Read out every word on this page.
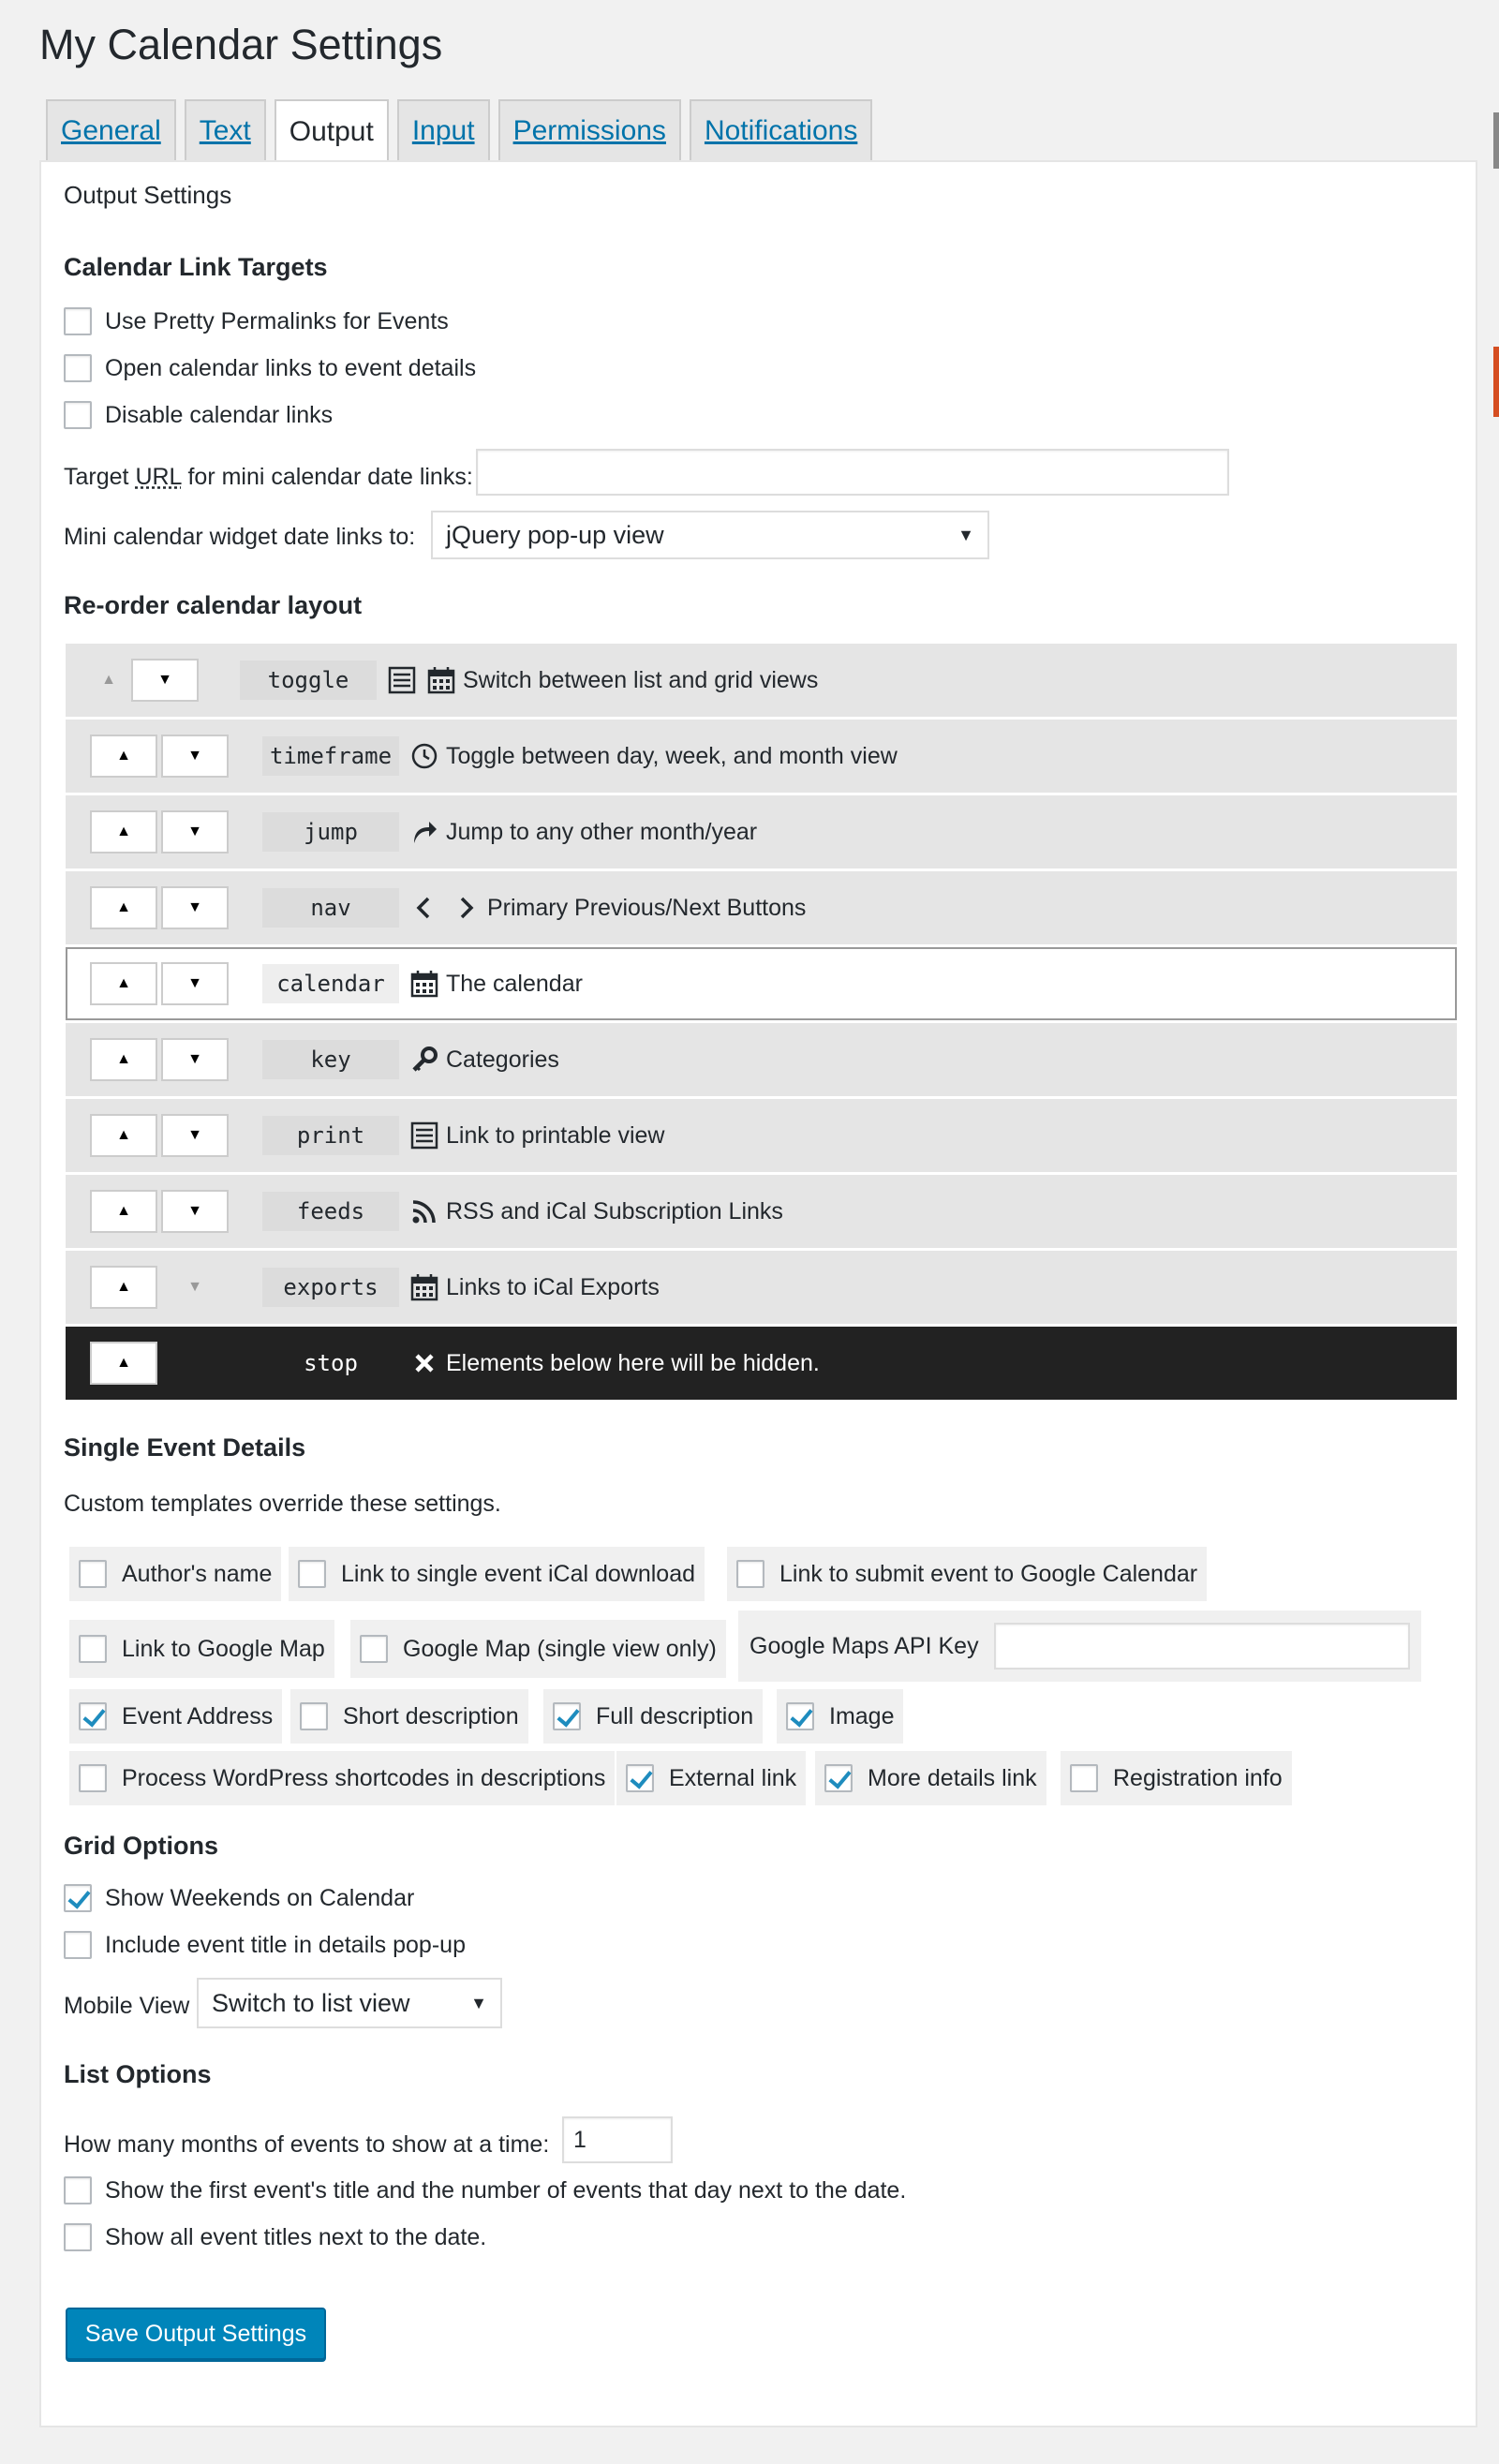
My Calendar Settings
General	Text	Output	Input	Permissions	Notifications
Output Settings
Calendar Link Targets
Use Pretty Permalinks for Events
Open calendar links to event details
Disable calendar links
Target URL for mini calendar date links:
Mini calendar widget date links to: jQuery pop-up view	▼
Re-order calendar layout
▲	▼	toggle	Switch between list and grid views
▲	▼	timeframe	Toggle between day, week, and month view
▲	▼	jump	Jump to any other month/year
▲	▼	nav	Primary Previous/Next Buttons
▲	▼	calendar	The calendar
▲	▼	key	Categories
▲	▼	print	Link to printable view
▲	▼	feeds	RSS and iCal Subscription Links
▲	▼	exports	Links to iCal Exports
▲	stop	Elements below here will be hidden.
Single Event Details
Custom templates override these settings.
Author's name	Link to single event iCal download	Link to submit event to Google Calendar
Link to Google Map	Google Map (single view only) Google Maps API Key
Event Address	Short description	Full description	Image
Process WordPress shortcodes in descriptions	External link	More details link	Registration info
Grid Options
Show Weekends on Calendar
Include event title in details pop-up
Mobile View Switch to list view	▼
List Options
How many months of events to show at a time:	1
Show the first event's title and the number of events that day next to the date.
Show all event titles next to the date.
Save Output Settings
